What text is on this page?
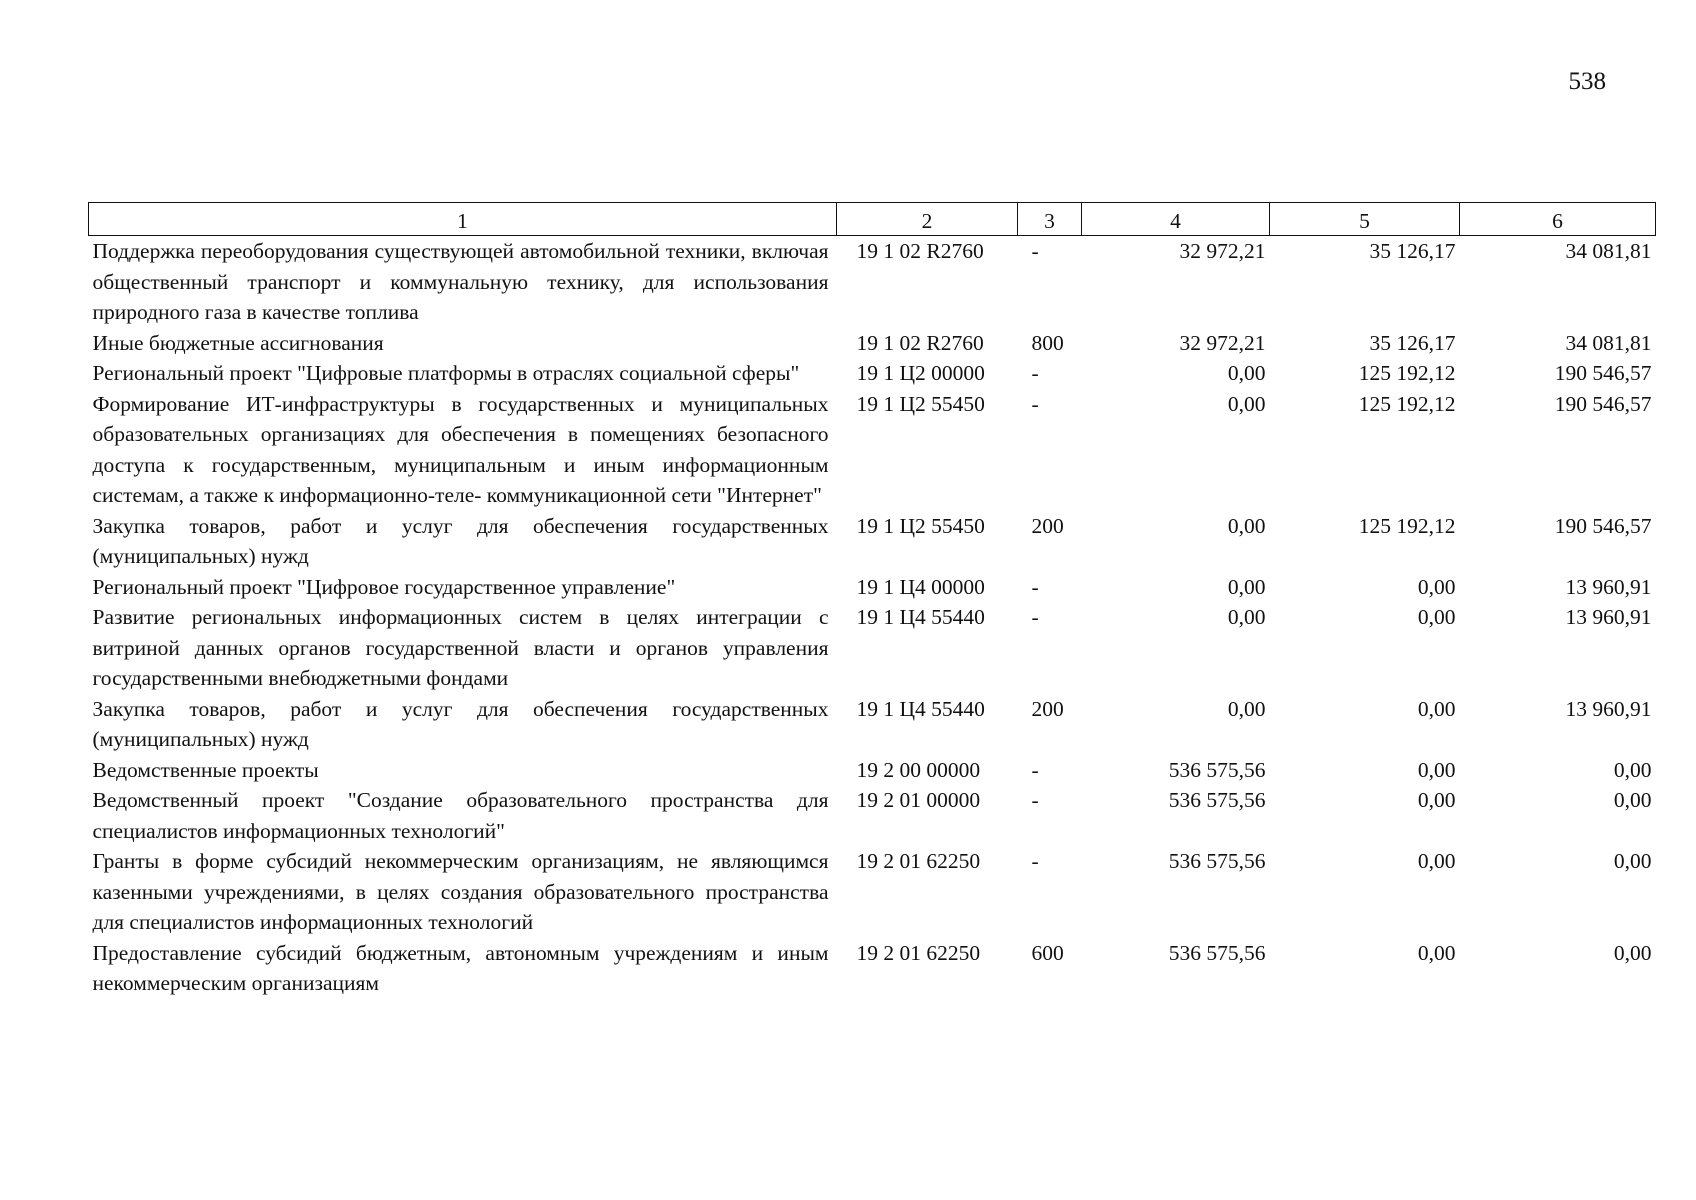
538
1	2	3	4	5	6
Поддержка переоборудования существующей автомобильной техники, включая общественный транспорт и коммунальную технику, для использования природного газа в качестве топлива	19 1 02 R2760	-	32 972,21	35 126,17	34 081,81
Иные бюджетные ассигнования	19 1 02 R2760	800	32 972,21	35 126,17	34 081,81
Региональный проект "Цифровые платформы в отраслях социальной сферы"	19 1 Ц2 00000	-	0,00	125 192,12	190 546,57
Формирование ИТ-инфраструктуры в государственных и муниципальных образовательных организациях для обеспечения в помещениях безопасного доступа к государственным, муниципальным и иным информационным системам, а также к информационно-теле- коммуникационной сети "Интернет"	19 1 Ц2 55450	-	0,00	125 192,12	190 546,57
Закупка товаров, работ и услуг для обеспечения государственных (муниципальных) нужд	19 1 Ц2 55450	200	0,00	125 192,12	190 546,57
Региональный проект "Цифровое государственное управление"	19 1 Ц4 00000	-	0,00	0,00	13 960,91
Развитие региональных информационных систем в целях интеграции с витриной данных органов государственной власти и органов управления государственными внебюджетными фондами	19 1 Ц4 55440	-	0,00	0,00	13 960,91
Закупка товаров, работ и услуг для обеспечения государственных (муниципальных) нужд	19 1 Ц4 55440	200	0,00	0,00	13 960,91
Ведомственные проекты	19 2 00 00000	-	536 575,56	0,00	0,00
Ведомственный проект "Создание образовательного пространства для специалистов информационных технологий"	19 2 01 00000	-	536 575,56	0,00	0,00
Гранты в форме субсидий некоммерческим организациям, не являющимся казенными учреждениями, в целях создания образовательного пространства для специалистов информационных технологий	19 2 01 62250	-	536 575,56	0,00	0,00
Предоставление субсидий бюджетным, автономным учреждениям и иным некоммерческим организациям	19 2 01 62250	600	536 575,56	0,00	0,00
